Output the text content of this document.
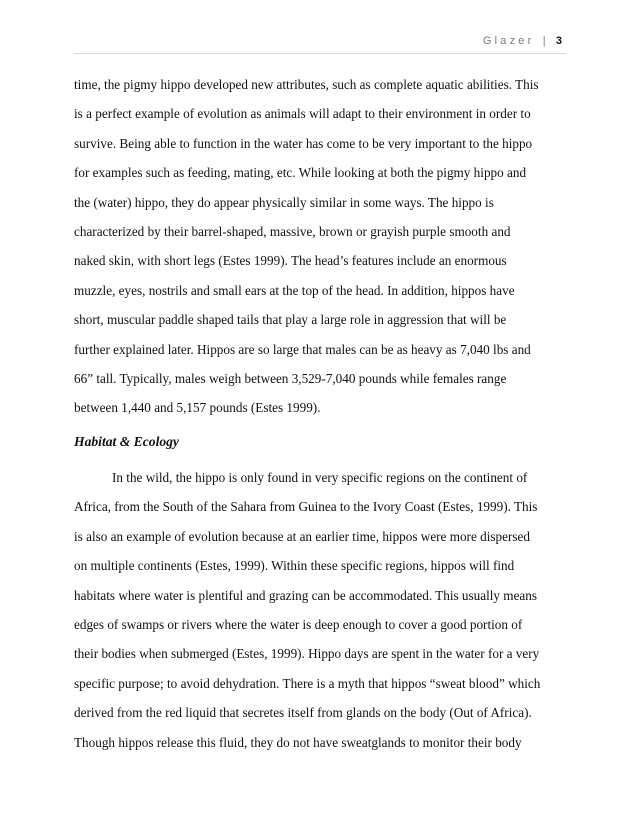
Glazer | 3
time, the pigmy hippo developed new attributes, such as complete aquatic abilities. This
is a perfect example of evolution as animals will adapt to their environment in order to
survive. Being able to function in the water has come to be very important to the hippo
for examples such as feeding, mating, etc. While looking at both the pigmy hippo and
the (water) hippo, they do appear physically similar in some ways. The hippo is
characterized by their barrel-shaped, massive, brown or grayish purple smooth and
naked skin, with short legs (Estes 1999). The head’s features include an enormous
muzzle, eyes, nostrils and small ears at the top of the head. In addition, hippos have
short, muscular paddle shaped tails that play a large role in aggression that will be
further explained later. Hippos are so large that males can be as heavy as 7,040 lbs and
66” tall. Typically, males weigh between 3,529-7,040 pounds while females range
between 1,440 and 5,157 pounds (Estes 1999).
Habitat & Ecology
In the wild, the hippo is only found in very specific regions on the continent of
Africa, from the South of the Sahara from Guinea to the Ivory Coast (Estes, 1999). This
is also an example of evolution because at an earlier time, hippos were more dispersed
on multiple continents (Estes, 1999). Within these specific regions, hippos will find
habitats where water is plentiful and grazing can be accommodated. This usually means
edges of swamps or rivers where the water is deep enough to cover a good portion of
their bodies when submerged (Estes, 1999). Hippo days are spent in the water for a very
specific purpose; to avoid dehydration. There is a myth that hippos “sweat blood” which
derived from the red liquid that secretes itself from glands on the body (Out of Africa).
Though hippos release this fluid, they do not have sweatglands to monitor their body
